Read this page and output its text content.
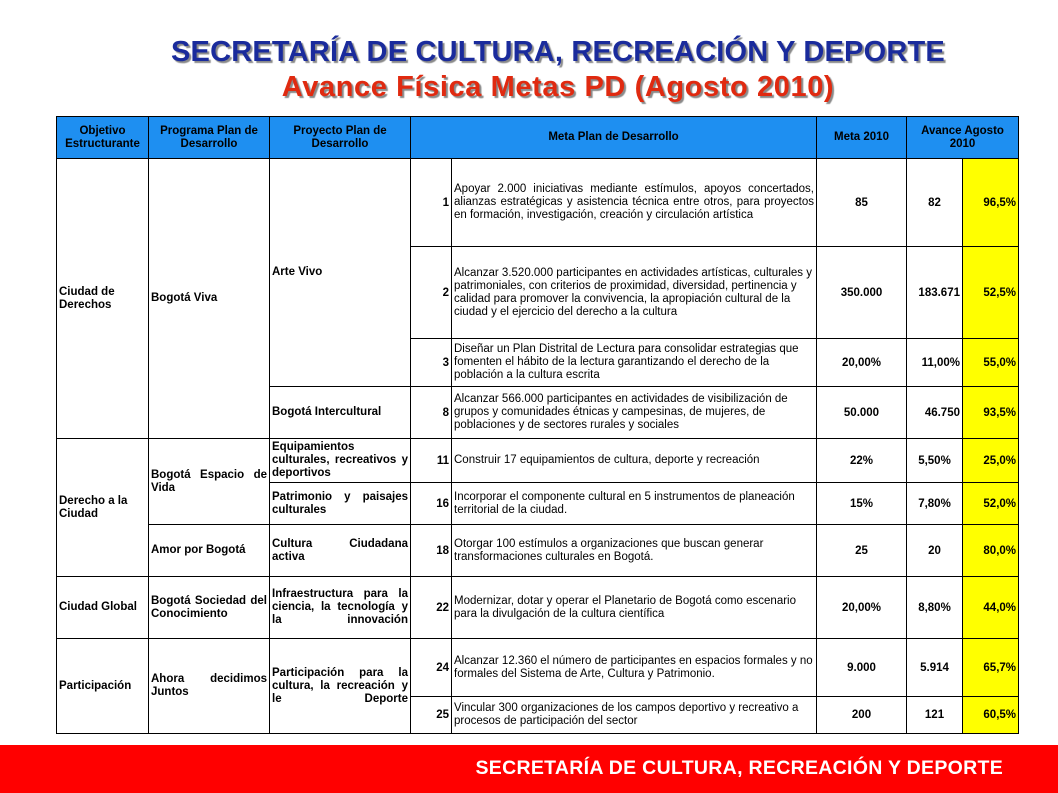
SECRETARÍA DE CULTURA, RECREACIÓN Y DEPORTE
Avance Física Metas PD (Agosto 2010)
Objetivo Estructurante	Programa Plan de Desarrollo	Proyecto Plan de Desarrollo	Meta Plan de Desarrollo		Meta 2010	Avance Agosto 2010	
Ciudad de Derechos	Bogotá Viva	Arte Vivo	1	Apoyar 2.000 iniciativas mediante estímulos, apoyos concertados, alianzas estratégicas y asistencia técnica entre otros, para proyectos en formación, investigación, creación y circulación artística	85	82	96,5%
			2	Alcanzar 3.520.000 participantes en actividades artísticas, culturales y patrimoniales, con criterios de proximidad, diversidad, pertinencia y calidad para promover la convivencia, la apropiación cultural de la ciudad y el ejercicio del derecho a la cultura	350.000	183.671	52,5%
			3	Diseñar un Plan Distrital de Lectura para consolidar estrategias que fomenten el hábito de la lectura garantizando el derecho de la población a la cultura escrita	20,00%	11,00%	55,0%
		Bogotá Intercultural	8	Alcanzar 566.000 participantes en actividades de visibilización de grupos y comunidades étnicas y campesinas, de mujeres, de poblaciones y de sectores rurales y sociales	50.000	46.750	93,5%
Derecho a la Ciudad	Bogotá Espacio de Vida	Equipamientos culturales, recreativos y deportivos	11	Construir 17 equipamientos de cultura, deporte y recreación	22%	5,50%	25,0%
		Patrimonio y paisajes culturales	16	Incorporar el componente cultural en 5 instrumentos de planeación territorial de la ciudad.	15%	7,80%	52,0%
	Amor por Bogotá	Cultura Ciudadana activa	18	Otorgar 100 estímulos a organizaciones que buscan generar transformaciones culturales en Bogotá.	25	20	80,0%
Ciudad Global	Bogotá Sociedad del Conocimiento	Infraestructura para la ciencia, la tecnología y la innovación	22	Modernizar, dotar y operar el Planetario de Bogotá como escenario para la divulgación de la cultura científica	20,00%	8,80%	44,0%
Participación	Ahora decidimos Juntos	Participación para la cultura, la recreación y le Deporte	24	Alcanzar 12.360 el número de participantes en espacios formales y no formales del Sistema de Arte, Cultura y Patrimonio.	9.000	5.914	65,7%
			25	Vincular 300 organizaciones de los campos deportivo y recreativo a procesos de participación del sector	200	121	60,5%
SECRETARÍA DE CULTURA, RECREACIÓN Y DEPORTE
